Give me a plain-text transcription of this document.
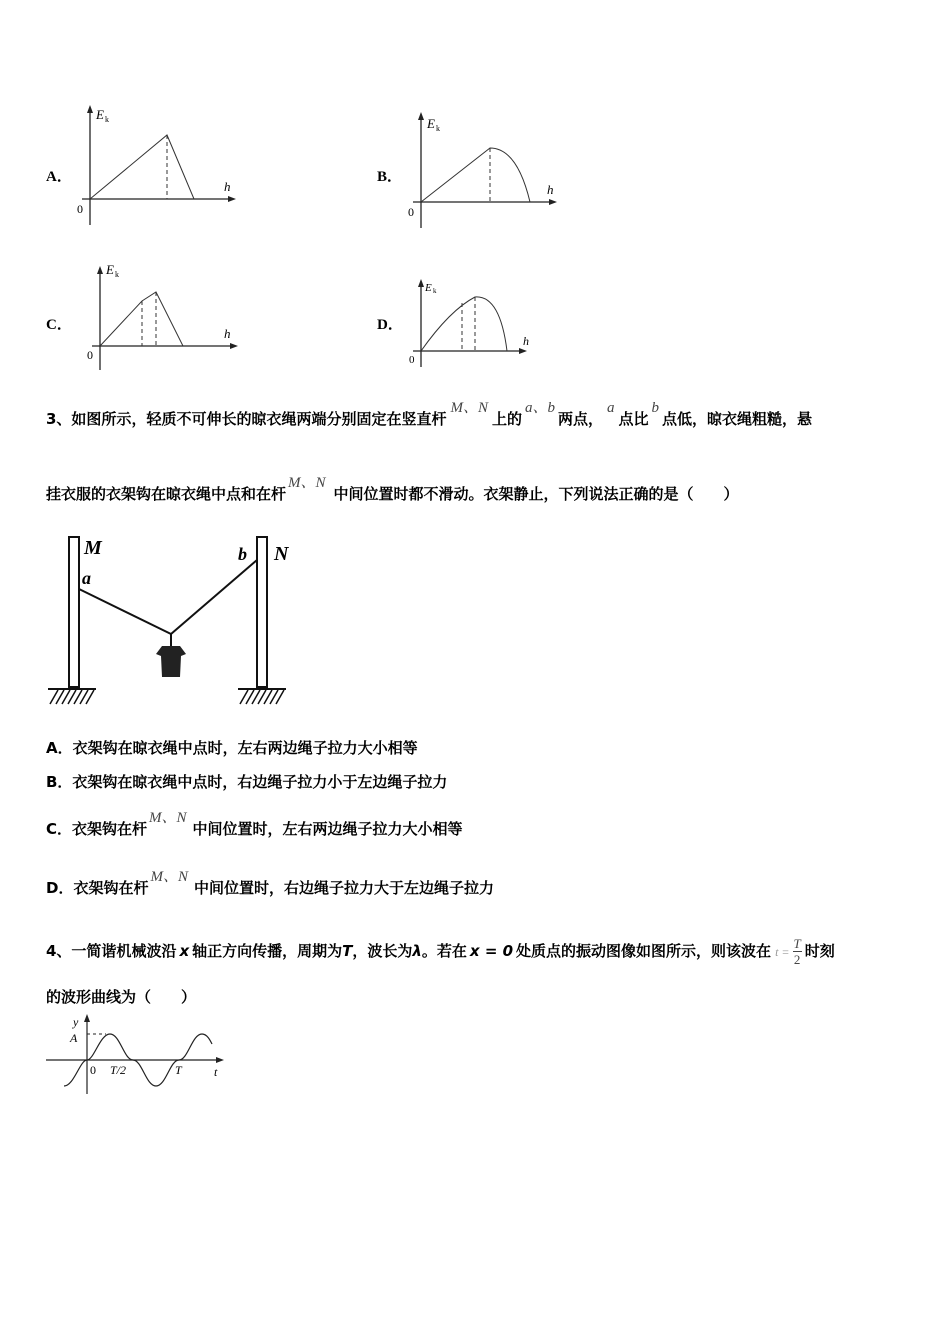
A．
E k
h
0
B．
E k
h
0
C．
E k
h
0
D．
E k
h
0
3、如图所示，轻质不可伸长的晾衣绳两端分别固定在竖直杆M、N上的a、b两点，a点比b点低，晾衣绳粗糙，悬
挂衣服的衣架钩在晾衣绳中点和在杆M、N中间位置时都不滑动。衣架静止，下列说法正确的是（　　）
M
a
b N
A．衣架钩在晾衣绳中点时，左右两边绳子拉力大小相等
B．衣架钩在晾衣绳中点时，右边绳子拉力小于左边绳子拉力
C．衣架钩在杆M、N中间位置时，左右两边绳子拉力大小相等
D．衣架钩在杆M、N中间位置时，右边绳子拉力大于左边绳子拉力
4、一简谐机械波沿 x 轴正方向传播，周期为T，波长为λ。若在 x = 0 处质点的振动图像如图所示，则该波在 $t = \frac{T}{2}$ 时刻
的波形曲线为（　　）
y
A
0 T/2	T	t
